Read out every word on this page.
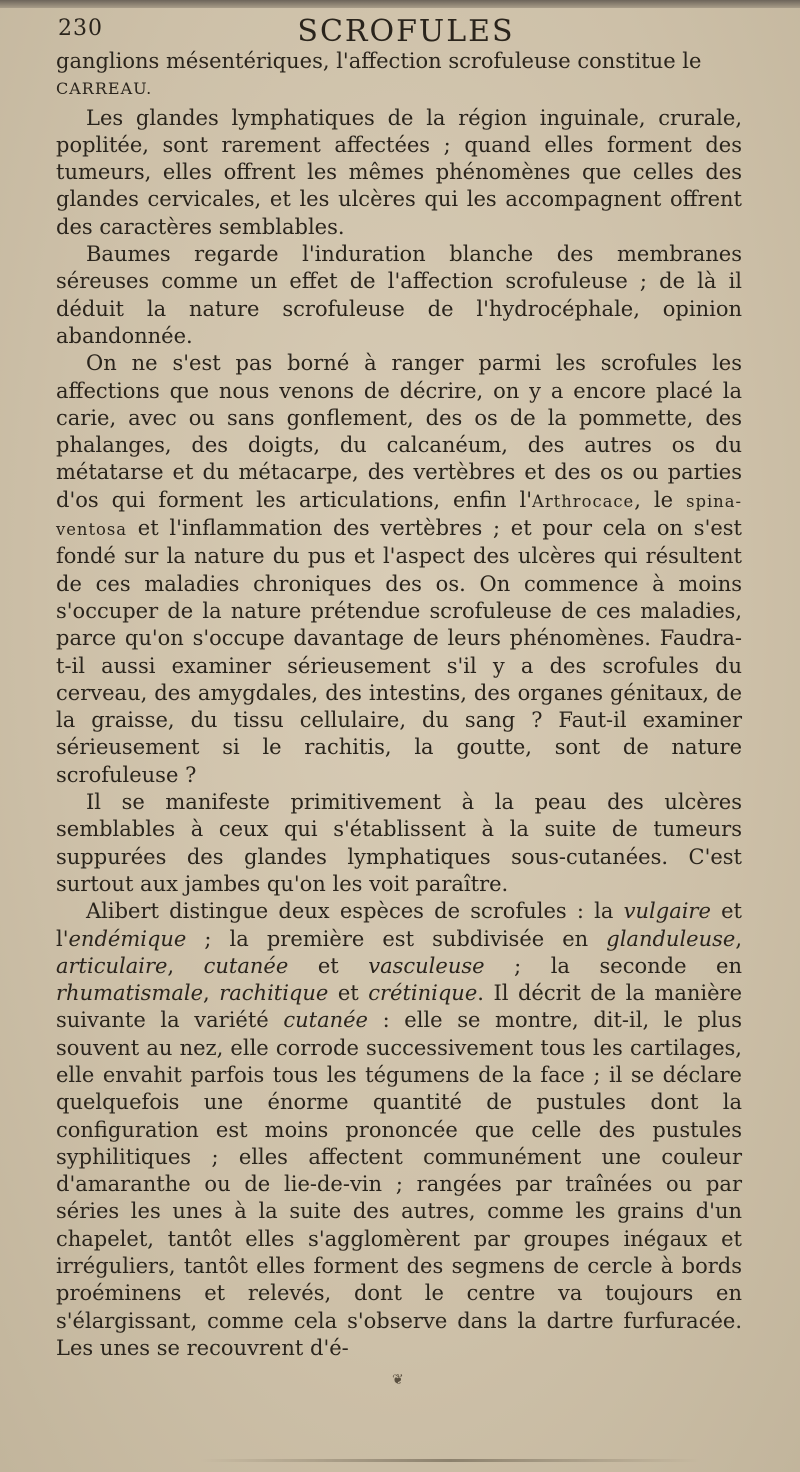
230	SCROFULES

ganglions mésentériques, l'affection scrofuleuse constitue le
CARREAU.

Les glandes lymphatiques de la région inguinale, crurale, poplitée, sont rarement affectées ; quand elles forment des tumeurs, elles offrent les mêmes phénomènes que celles des glandes cervicales, et les ulcères qui les accompagnent offrent des caractères semblables.

Baumes regarde l'induration blanche des membranes séreuses comme un effet de l'affection scrofuleuse ; de là il déduit la nature scrofuleuse de l'hydrocéphale, opinion abandonnée.

On ne s'est pas borné à ranger parmi les scrofules les affections que nous venons de décrire, on y a encore placé la carie, avec ou sans gonflement, des os de la pommette, des phalanges, des doigts, du calcanéum, des autres os du métatarse et du métacarpe, des vertèbres et des os ou parties d'os qui forment les articulations, enfin l'Arthrocace, le spina-ventosa et l'inflammation des vertèbres ; et pour cela on s'est fondé sur la nature du pus et l'aspect des ulcères qui résultent de ces maladies chroniques des os. On commence à moins s'occuper de la nature prétendue scrofuleuse de ces maladies, parce qu'on s'occupe davantage de leurs phénomènes. Faudra-t-il aussi examiner sérieusement s'il y a des scrofules du cerveau, des amygdales, des intestins, des organes génitaux, de la graisse, du tissu cellulaire, du sang ? Faut-il examiner sérieusement si le rachitis, la goutte, sont de nature scrofuleuse ?

Il se manifeste primitivement à la peau des ulcères semblables à ceux qui s'établissent à la suite de tumeurs suppurées des glandes lymphatiques sous-cutanées. C'est surtout aux jambes qu'on les voit paraître.

Alibert distingue deux espèces de scrofules : la vulgaire et l'endémique ; la première est subdivisée en glanduleuse, articulaire, cutanée et vasculeuse ; la seconde en rhumatismale, rachitique et crétinique. Il décrit de la manière suivante la variété cutanée : elle se montre, dit-il, le plus souvent au nez, elle corrode successivement tous les cartilages, elle envahit parfois tous les tégumens de la face ; il se déclare quelquefois une énorme quantité de pustules dont la configuration est moins prononcée que celle des pustules syphilitiques ; elles affectent communément une couleur d'amaranthe ou de lie-de-vin ; rangées par traînées ou par séries les unes à la suite des autres, comme les grains d'un chapelet, tantôt elles s'agglomèrent par groupes inégaux et irréguliers, tantôt elles forment des segmens de cercle à bords proéminens et relevés, dont le centre va toujours en s'élargissant, comme cela s'observe dans la dartre furfuracée. Les unes se recouvrent d'é-

❦
